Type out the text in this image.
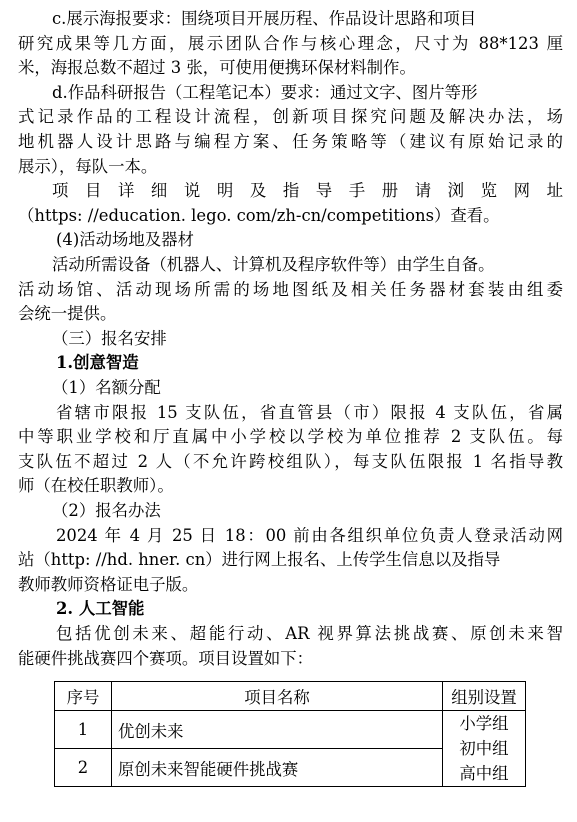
c.展示海报要求：围绕项目开展历程、作品设计思路和项目
研究成果等几方面，展示团队合作与核心理念，尺寸为 88*123 厘
米，海报总数不超过 3 张，可使用便携环保材料制作。
d.作品科研报告（工程笔记本）要求：通过文字、图片等形
式记录作品的工程设计流程，创新项目探究问题及解决办法，场
地机器人设计思路与编程方案、任务策略等（建议有原始记录的
展示），每队一本。
项 目 详 细 说 明 及 指 导 手 册 请 浏 览 网 址
（https: //education. lego. com/zh-cn/competitions）查看。
(4)活动场地及器材
活动所需设备（机器人、计算机及程序软件等）由学生自备。
活动场馆、活动现场所需的场地图纸及相关任务器材套装由组委
会统一提供。
（三）报名安排
1.创意智造
（1）名额分配
省辖市限报 15 支队伍，省直管县（市）限报 4 支队伍，省属
中等职业学校和厅直属中小学校以学校为单位推荐 2 支队伍。每
支队伍不超过 2 人（不允许跨校组队），每支队伍限报 1 名指导教
师（在校任职教师）。
（2）报名办法
2024 年 4 月 25 日 18：00 前由各组织单位负责人登录活动网
站（http: //hd. hner. cn）进行网上报名、上传学生信息以及指导
教师教师资格证电子版。
2. 人工智能
包括优创未来、超能行动、AR 视界算法挑战赛、原创未来智
序号	项目名称	组别设置
1	优创未来	小学组
初中组
高中组

2	原创未来智能硬件挑战赛	
能硬件挑战赛四个赛项。项目设置如下：
